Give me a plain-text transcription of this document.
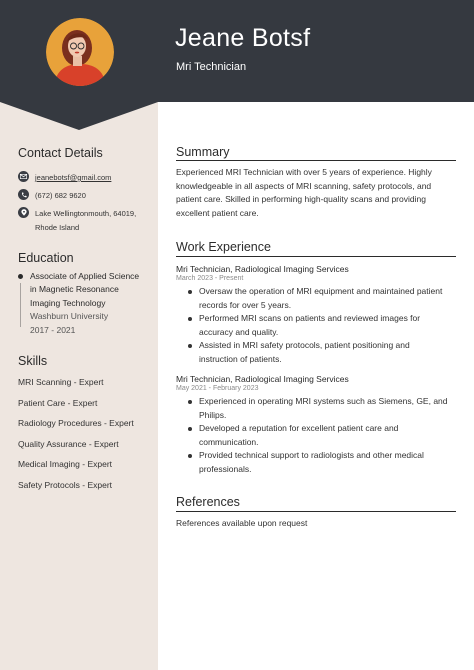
Jeane Botsf
Mri Technician
Contact Details
jeanebotsf@gmail.com
(672) 682 9620
Lake Wellingtonmouth, 64019,
Rhode Island
Education
Associate of Applied Science
in Magnetic Resonance
Imaging Technology
Washburn University
2017 - 2021
Skills
MRI Scanning - Expert
Patient Care - Expert
Radiology Procedures - Expert
Quality Assurance - Expert
Medical Imaging - Expert
Safety Protocols - Expert
Summary
Experienced MRI Technician with over 5 years of experience. Highly knowledgeable in all aspects of MRI scanning, safety protocols, and patient care. Skilled in performing high-quality scans and providing excellent patient care.
Work Experience
Mri Technician, Radiological Imaging Services
March 2023 - Present
Oversaw the operation of MRI equipment and maintained patient records for over 5 years.
Performed MRI scans on patients and reviewed images for accuracy and quality.
Assisted in MRI safety protocols, patient positioning and instruction of patients.
Mri Technician, Radiological Imaging Services
May 2021 - February 2023
Experienced in operating MRI systems such as Siemens, GE, and Philips.
Developed a reputation for excellent patient care and communication.
Provided technical support to radiologists and other medical professionals.
References
References available upon request
